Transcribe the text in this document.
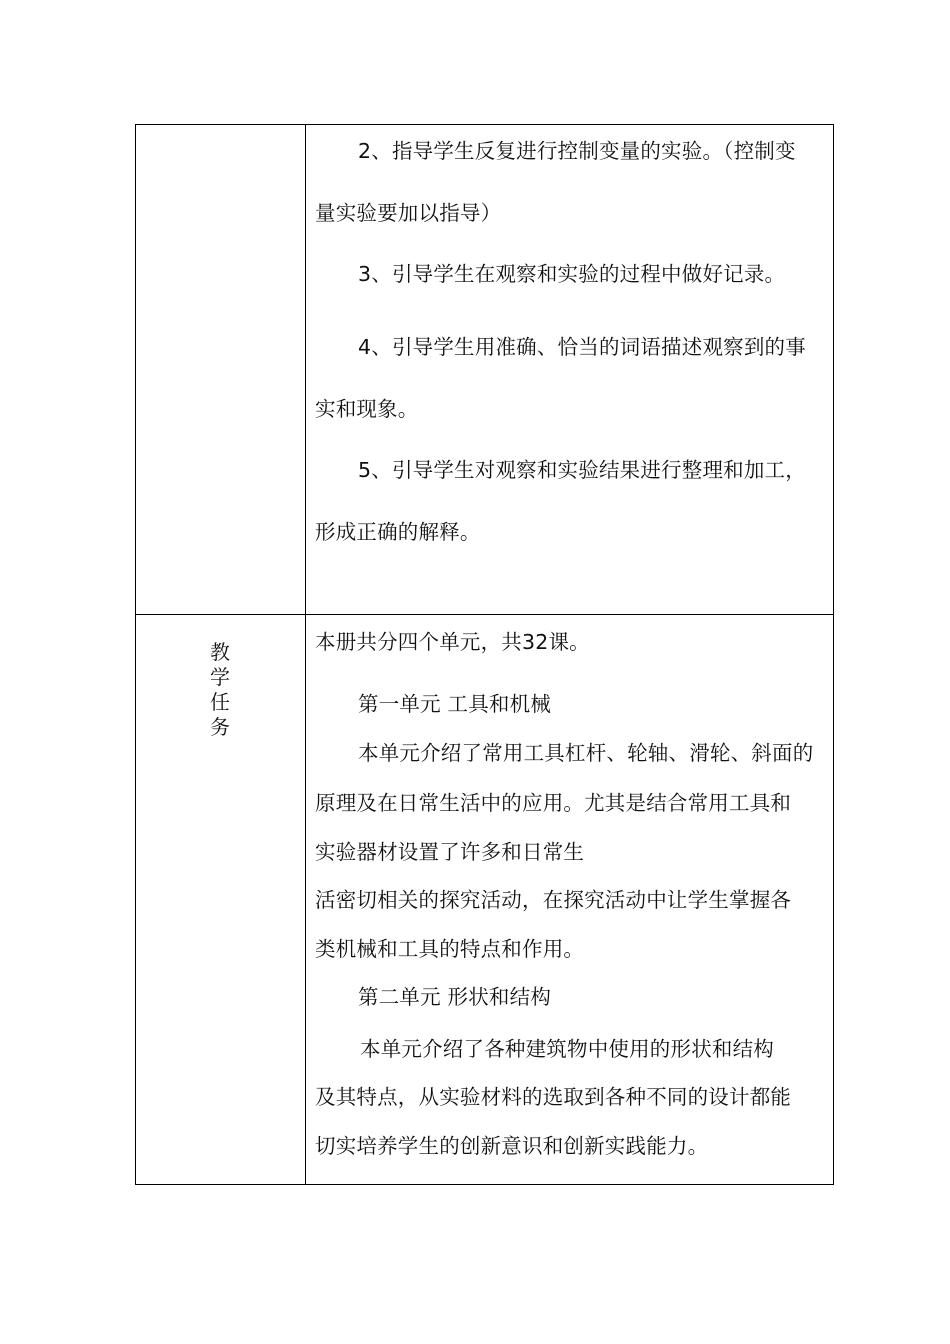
2、指导学生反复进行控制变量的实验。（控制变
量实验要加以指导）
3、引导学生在观察和实验的过程中做好记录。
4、引导学生用准确、恰当的词语描述观察到的事
实和现象。
5、引导学生对观察和实验结果进行整理和加工，
形成正确的解释。
教
学
任
务
本册共分四个单元，共32课。
第一单元 工具和机械
本单元介绍了常用工具杠杆、轮轴、滑轮、斜面的
原理及在日常生活中的应用。尤其是结合常用工具和
实验器材设置了许多和日常生
活密切相关的探究活动，在探究活动中让学生掌握各
类机械和工具的特点和作用。
第二单元 形状和结构
本单元介绍了各种建筑物中使用的形状和结构
及其特点，从实验材料的选取到各种不同的设计都能
切实培养学生的创新意识和创新实践能力。
